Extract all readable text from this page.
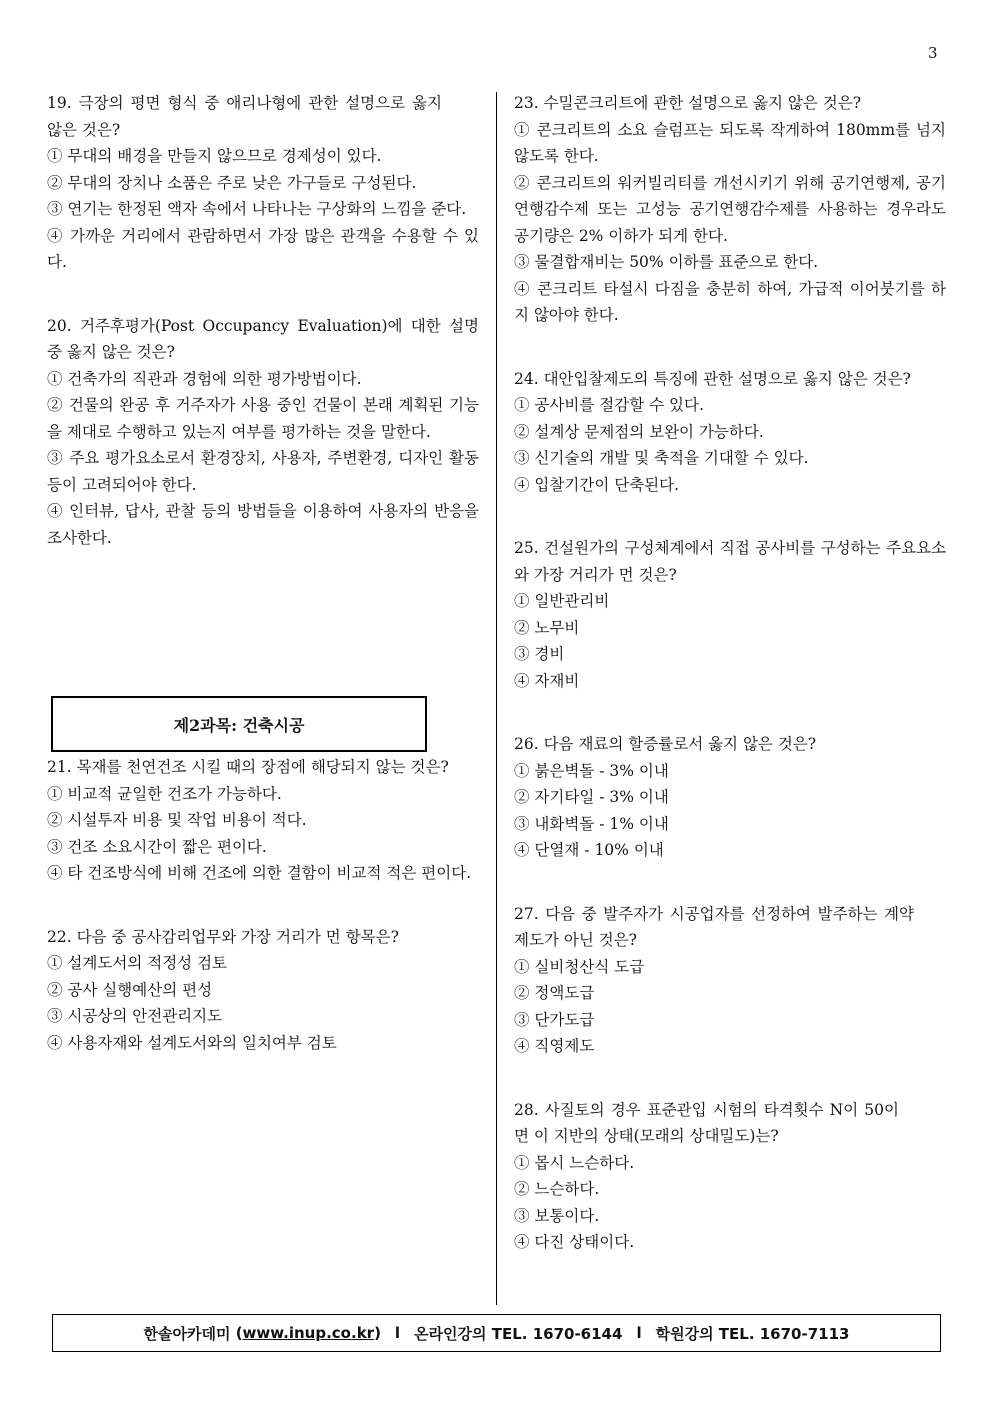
3

19. 극장의 평면 형식 중 애리나형에 관한 설명으로 옳지 않은 것은?

① 무대의 배경을 만들지 않으므로 경제성이 있다.

② 무대의 장치나 소품은 주로 낮은 가구들로 구성된다.

③ 연기는 한정된 액자 속에서 나타나는 구상화의 느낌을 준다.

④ 가까운 거리에서 관람하면서 가장 많은 관객을 수용할 수 있다.

20. 거주후평가(Post Occupancy Evaluation)에 대한 설명 중 옳지 않은 것은?

① 건축가의 직관과 경험에 의한 평가방법이다.

② 건물의 완공 후 거주자가 사용 중인 건물이 본래 계획된 기능을 제대로 수행하고 있는지 여부를 평가하는 것을 말한다.

③ 주요 평가요소로서 환경장치, 사용자, 주변환경, 디자인 활동 등이 고려되어야 한다.

④ 인터뷰, 답사, 관찰 등의 방법들을 이용하여 사용자의 반응을 조사한다.

21. 목재를 천연건조 시킬 때의 장점에 해당되지 않는 것은?

① 비교적 균일한 건조가 가능하다.

② 시설투자 비용 및 작업 비용이 적다.

③ 건조 소요시간이 짧은 편이다.

④ 타 건조방식에 비해 건조에 의한 결함이 비교적 적은 편이다.

22. 다음 중 공사감리업무와 가장 거리가 먼 항목은?

① 설계도서의 적정성 검토

② 공사 실행예산의 편성

③ 시공상의 안전관리지도

④ 사용자재와 설계도서와의 일치여부 검토

제2과목: 건축시공

23. 수밀콘크리트에 관한 설명으로 옳지 않은 것은?

① 콘크리트의 소요 슬럼프는 되도록 작게하여 180mm를 넘지 않도록 한다.

② 콘크리트의 워커빌리티를 개선시키기 위해 공기연행제, 공기연행감수제 또는 고성능 공기연행감수제를 사용하는 경우라도 공기량은 2% 이하가 되게 한다.

③ 물결합재비는 50% 이하를 표준으로 한다.

④ 콘크리트 타설시 다짐을 충분히 하여, 가급적 이어붓기를 하지 않아야 한다.

24. 대안입찰제도의 특징에 관한 설명으로 옳지 않은 것은?

① 공사비를 절감할 수 있다.

② 설계상 문제점의 보완이 가능하다.

③ 신기술의 개발 및 축적을 기대할 수 있다.

④ 입찰기간이 단축된다.

25. 건설원가의 구성체계에서 직접 공사비를 구성하는 주요요소와 가장 거리가 먼 것은?

① 일반관리비

② 노무비

③ 경비

④ 자재비

26. 다음 재료의 할증률로서 옳지 않은 것은?

① 붉은벽돌 - 3% 이내

② 자기타일 - 3% 이내

③ 내화벽돌 - 1% 이내

④ 단열재 - 10% 이내

27. 다음 중 발주자가 시공업자를 선정하여 발주하는 계약제도가 아닌 것은?

① 실비청산식 도급

② 정액도급

③ 단가도급

④ 직영제도

28. 사질토의 경우 표준관입 시험의 타격횟수 N이 50이면 이 지반의 상태(모래의 상대밀도)는?

① 몹시 느슨하다.

② 느슨하다.

③ 보통이다.

④ 다진 상태이다.

한솔아카데미 ( www.inup.co.kr ) l 온라인강의 TEL. 1670-6144 l 학원강의 TEL. 1670-7113
